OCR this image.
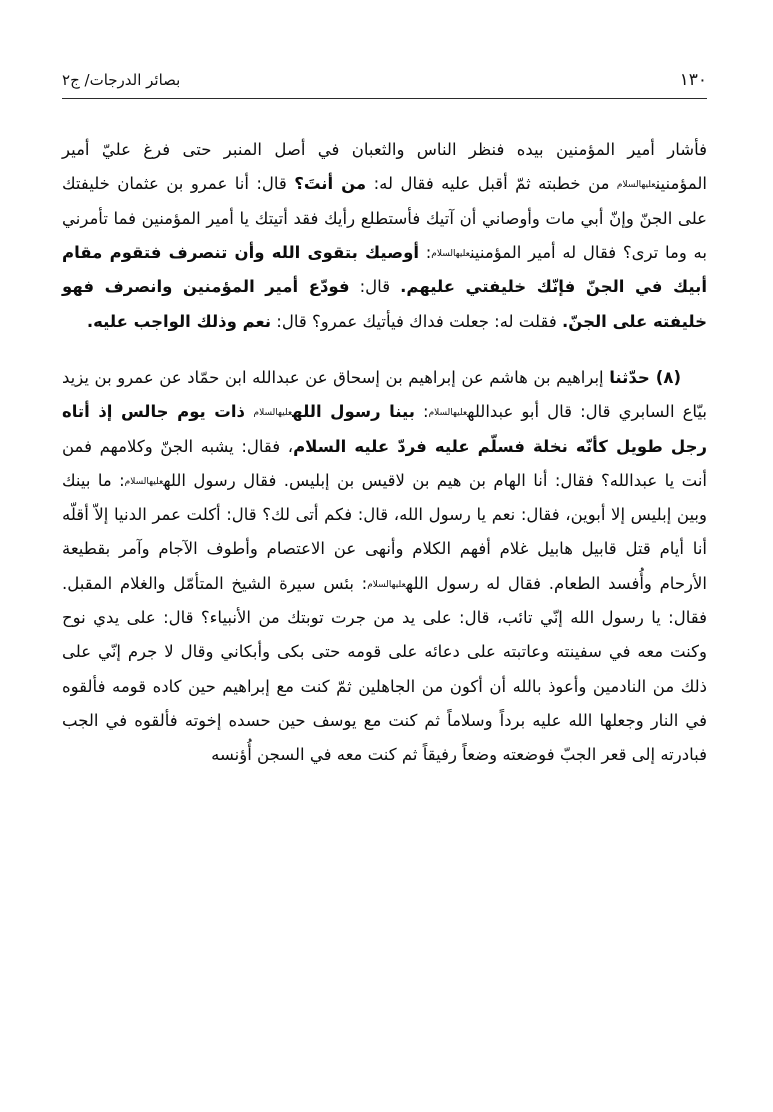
بصائر الدرجات/ ج٢	١٣٠
فأشار أمير المؤمنين بيده فنظر الناس والثعبان في أصل المنبر حتى فرغ عليّ أمير المؤمنينعليه‍السلام من خطبته ثمّ أقبل عليه فقال له: من أنتَ؟ قال: أنا عمرو بن عثمان خليفتك على الجنّ وإنّ أبي مات وأوصاني أن آتيك فأستطلع رأيك فقد أتيتك يا أمير المؤمنين فما تأمرني به وما ترى؟ فقال له أمير المؤمنينعليه‍السلام: أوصيك بتقوى الله وأن تنصرف فتقوم مقام أبيك في الجنّ فإنّك خليفتي عليهم. قال: فودّع أمير المؤمنين وانصرف فهو خليفته على الجنّ. فقلت له: جعلت فداك فيأتيك عمرو؟ قال: نعم وذلك الواجب عليه.
(٨) حدّثنا إبراهيم بن هاشم عن إبراهيم بن إسحاق عن عبدالله ابن حمّاد عن عمرو بن يزيد بيّاع السابري قال: قال أبو عبداللهعليه‍السلام: بينا رسول اللهعليه‍السلام ذات يوم جالس إذ أتاه رجل طويل كأنّه نخلة فسلّم عليه فردّ عليه السلام، فقال: يشبه الجنّ وكلامهم فمن أنت يا عبدالله؟ فقال: أنا الهام بن هيم بن لاقيس بن إبليس. فقال رسول اللهعليه‍السلام: ما بينك وبين إبليس إلا أبوين، فقال: نعم يا رسول الله، قال: فكم أتى لك؟ قال: أكلت عمر الدنيا إلاّ أقلّه أنا أيام قتل قابيل هابيل غلام أفهم الكلام وأنهى عن الاعتصام وأطوف الآجام وآمر بقطيعة الأرحام وأُفسد الطعام. فقال له رسول اللهعليه‍السلام: بئس سيرة الشيخ المتأمّل والغلام المقبل. فقال: يا رسول الله إنّي تائب، قال: على يد من جرت توبتك من الأنبياء؟ قال: على يدي نوح وكنت معه في سفينته وعاتبته على دعائه على قومه حتى بكى وأبكاني وقال لا جرم إنّي على ذلك من النادمين وأعوذ بالله أن أكون من الجاهلين ثمّ كنت مع إبراهيم حين كاده قومه فألقوه في النار وجعلها الله عليه برداً وسلاماً ثم كنت مع يوسف حين حسده إخوته فألقوه في الجب فبادرته إلى قعر الجبّ فوضعته وضعاً رفيقاً ثم كنت معه في السجن أُؤنسه
